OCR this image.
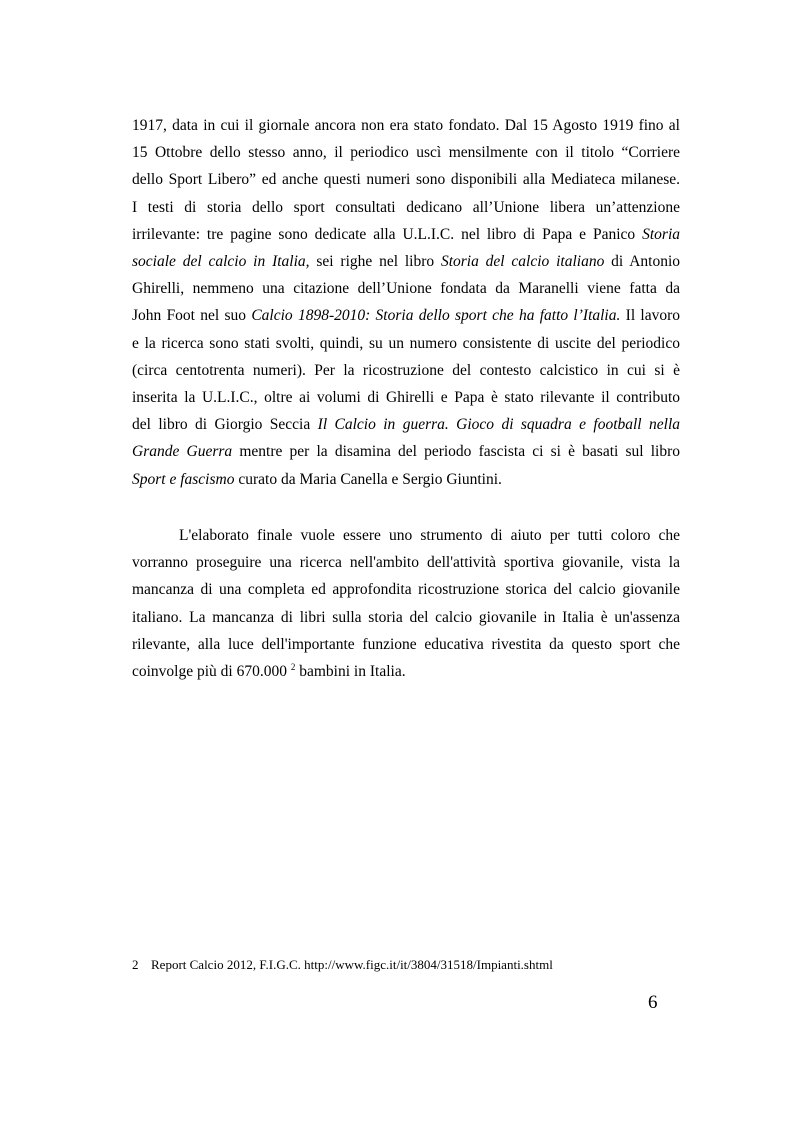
1917, data in cui il giornale ancora non era stato fondato. Dal 15 Agosto 1919 fino al
15 Ottobre dello stesso anno, il periodico uscì mensilmente con il titolo “Corriere
dello Sport Libero” ed anche questi numeri sono disponibili alla Mediateca milanese.
I testi di storia dello sport consultati dedicano all’Unione libera un’attenzione
irrilevante: tre pagine sono dedicate alla U.L.I.C. nel libro di Papa e Panico Storia
sociale del calcio in Italia, sei righe nel libro Storia del calcio italiano di Antonio
Ghirelli, nemmeno una citazione dell’Unione fondata da Maranelli viene fatta da
John Foot nel suo Calcio 1898-2010: Storia dello sport che ha fatto l’Italia. Il lavoro
e la ricerca sono stati svolti, quindi, su un numero consistente di uscite del periodico
(circa centotrenta numeri). Per la ricostruzione del contesto calcistico in cui si è
inserita la U.L.I.C., oltre ai volumi di Ghirelli e Papa è stato rilevante il contributo
del libro di Giorgio Seccia Il Calcio in guerra. Gioco di squadra e football nella
Grande Guerra mentre per la disamina del periodo fascista ci si è basati sul libro
Sport e fascismo curato da Maria Canella e Sergio Giuntini.
L'elaborato finale vuole essere uno strumento di aiuto per tutti coloro che
vorranno proseguire una ricerca nell'ambito dell'attività sportiva giovanile, vista la
mancanza di una completa ed approfondita ricostruzione storica del calcio giovanile
italiano. La mancanza di libri sulla storia del calcio giovanile in Italia è un'assenza
rilevante, alla luce dell'importante funzione educativa rivestita da questo sport che
coinvolge più di 670.000 $^2$ bambini in Italia.
2 Report Calcio 2012, F.I.G.C. http://www.figc.it/it/3804/31518/Impianti.shtml
6
